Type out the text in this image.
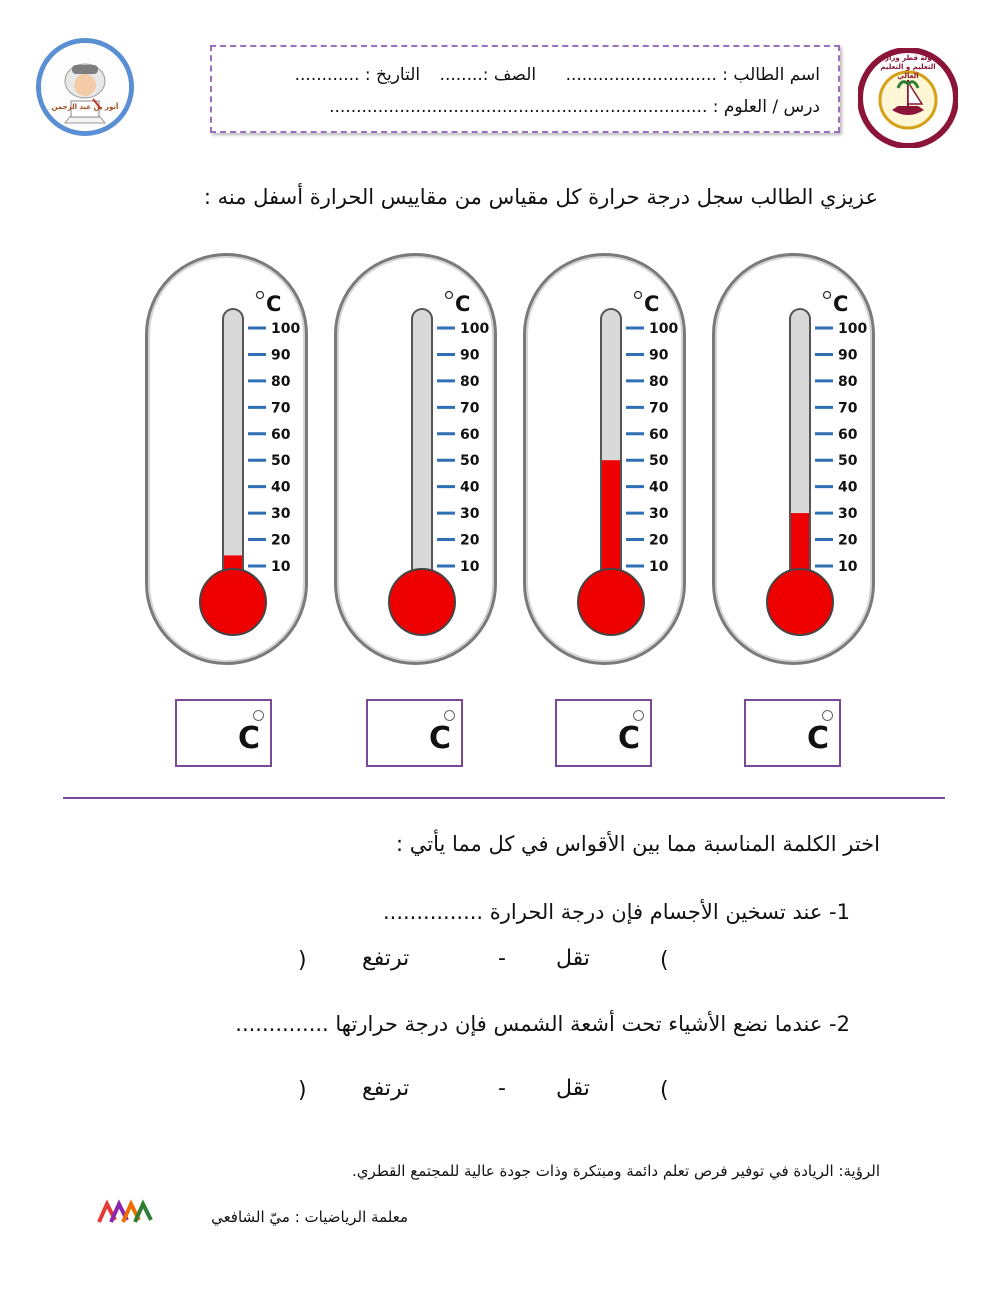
أنور بن عبد الرحمن
دولة قطر وزارة التعليم و التعليم العالي
اسم الطالب : ............................ الصف :........ التاريخ : ............
درس / العلوم : ......................................................................
عزيزي الطالب سجل درجة حرارة كل مقياس من مقاييس الحرارة أسفل منه :
C
100
90
80
70
60
50
40
30
20
10
C
100
90
80
70
60
50
40
30
20
10
C
100
90
80
70
60
50
40
30
20
10
C
100
90
80
70
60
50
40
30
20
10
C	C	C	C
اختر الكلمة المناسبة مما بين الأقواس في كل مما يأتي :
1- عند تسخين الأجسام فإن درجة الحرارة ...............
(
تقل
-
ترتفع
)
2- عندما نضع الأشياء تحت أشعة الشمس فإن درجة حرارتها ..............
(
تقل
-
ترتفع
)
الرؤية: الريادة في توفير فرص تعلم دائمة ومبتكرة وذات جودة عالية للمجتمع القطري.
معلمة الرياضيات : ميّ الشافعي
